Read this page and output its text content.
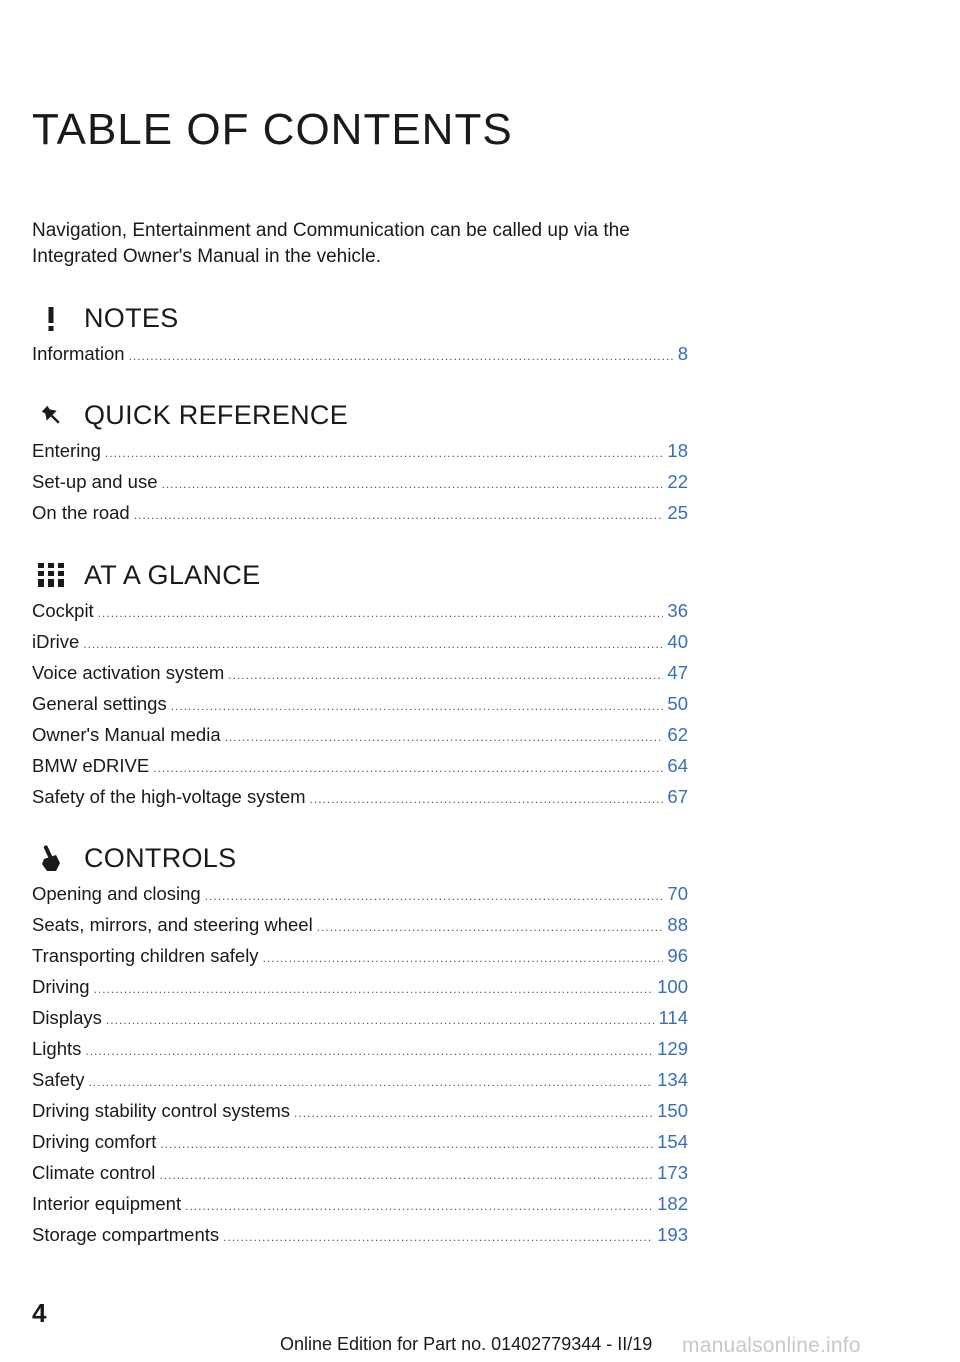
TABLE OF CONTENTS

Navigation, Entertainment and Communication can be called up via the Integrated Owner's Manual in the vehicle.

NOTES
Information .....	8
QUICK REFERENCE
Entering .....	18
Set-up and use .....	22
On the road .....	25
AT A GLANCE
Cockpit .....	36
iDrive .....	40
Voice activation system .....	47
General settings .....	50
Owner's Manual media .....	62
BMW eDRIVE .....	64
Safety of the high-voltage system .....	67
CONTROLS
Opening and closing .....	70
Seats, mirrors, and steering wheel .....	88
Transporting children safely .....	96
Driving .....	100
Displays .....	114
Lights .....	129
Safety .....	134
Driving stability control systems .....	150
Driving comfort .....	154
Climate control .....	173
Interior equipment .....	182
Storage compartments .....	193
4
Online Edition for Part no. 01402779344 - II/19 manualsonline.info
